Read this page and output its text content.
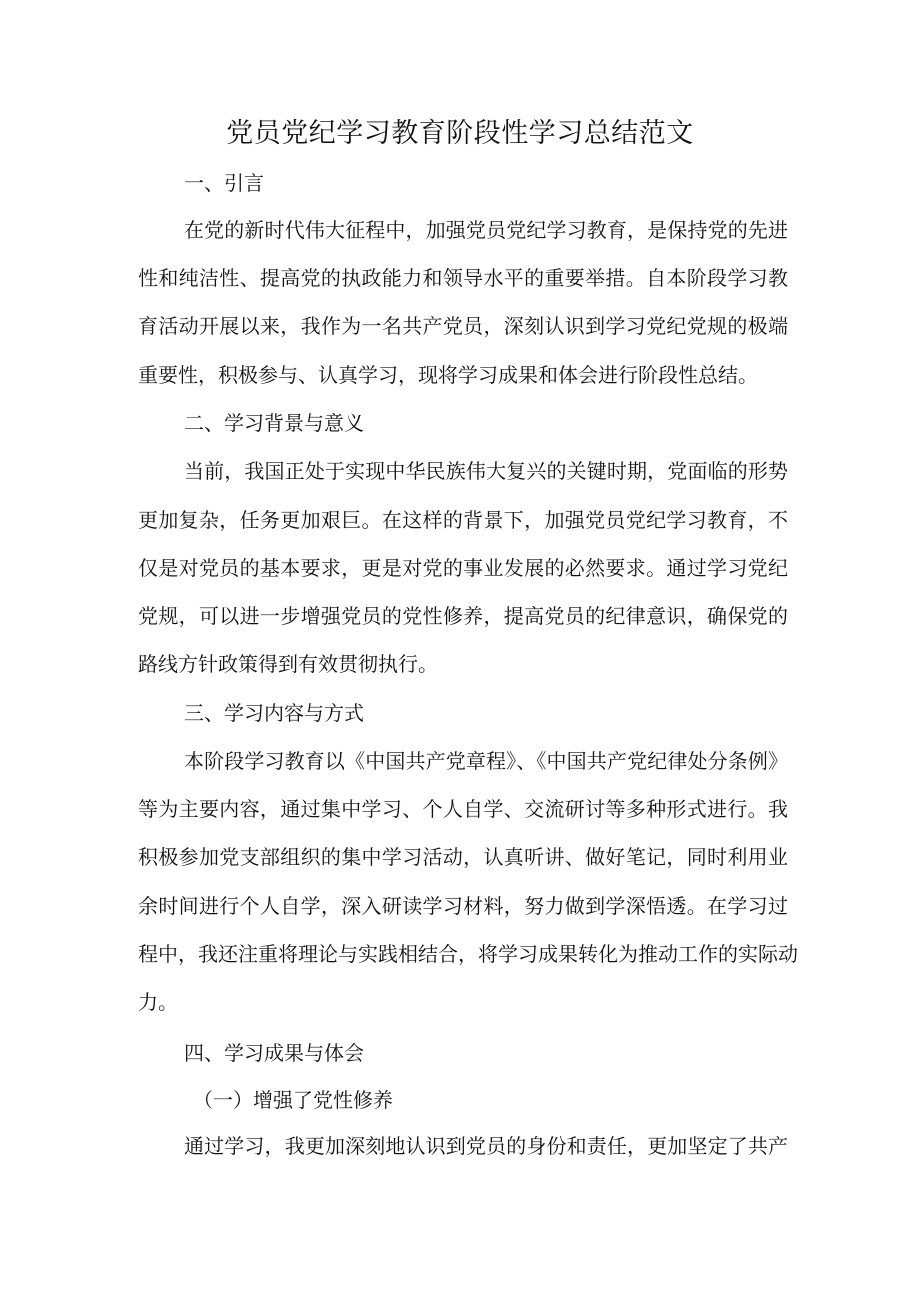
党员党纪学习教育阶段性学习总结范文
一、引言
在党的新时代伟大征程中，加强党员党纪学习教育，是保持党的先进
性和纯洁性、提高党的执政能力和领导水平的重要举措。自本阶段学习教
育活动开展以来，我作为一名共产党员，深刻认识到学习党纪党规的极端
重要性，积极参与、认真学习，现将学习成果和体会进行阶段性总结。
二、学习背景与意义
当前，我国正处于实现中华民族伟大复兴的关键时期，党面临的形势
更加复杂，任务更加艰巨。在这样的背景下，加强党员党纪学习教育，不
仅是对党员的基本要求，更是对党的事业发展的必然要求。通过学习党纪
党规，可以进一步增强党员的党性修养，提高党员的纪律意识，确保党的
路线方针政策得到有效贯彻执行。
三、学习内容与方式
本阶段学习教育以《中国共产党章程》、《中国共产党纪律处分条例》
等为主要内容，通过集中学习、个人自学、交流研讨等多种形式进行。我
积极参加党支部组织的集中学习活动，认真听讲、做好笔记，同时利用业
余时间进行个人自学，深入研读学习材料，努力做到学深悟透。在学习过
程中，我还注重将理论与实践相结合，将学习成果转化为推动工作的实际动
力。
四、学习成果与体会
（一）增强了党性修养
通过学习，我更加深刻地认识到党员的身份和责任，更加坚定了共产
